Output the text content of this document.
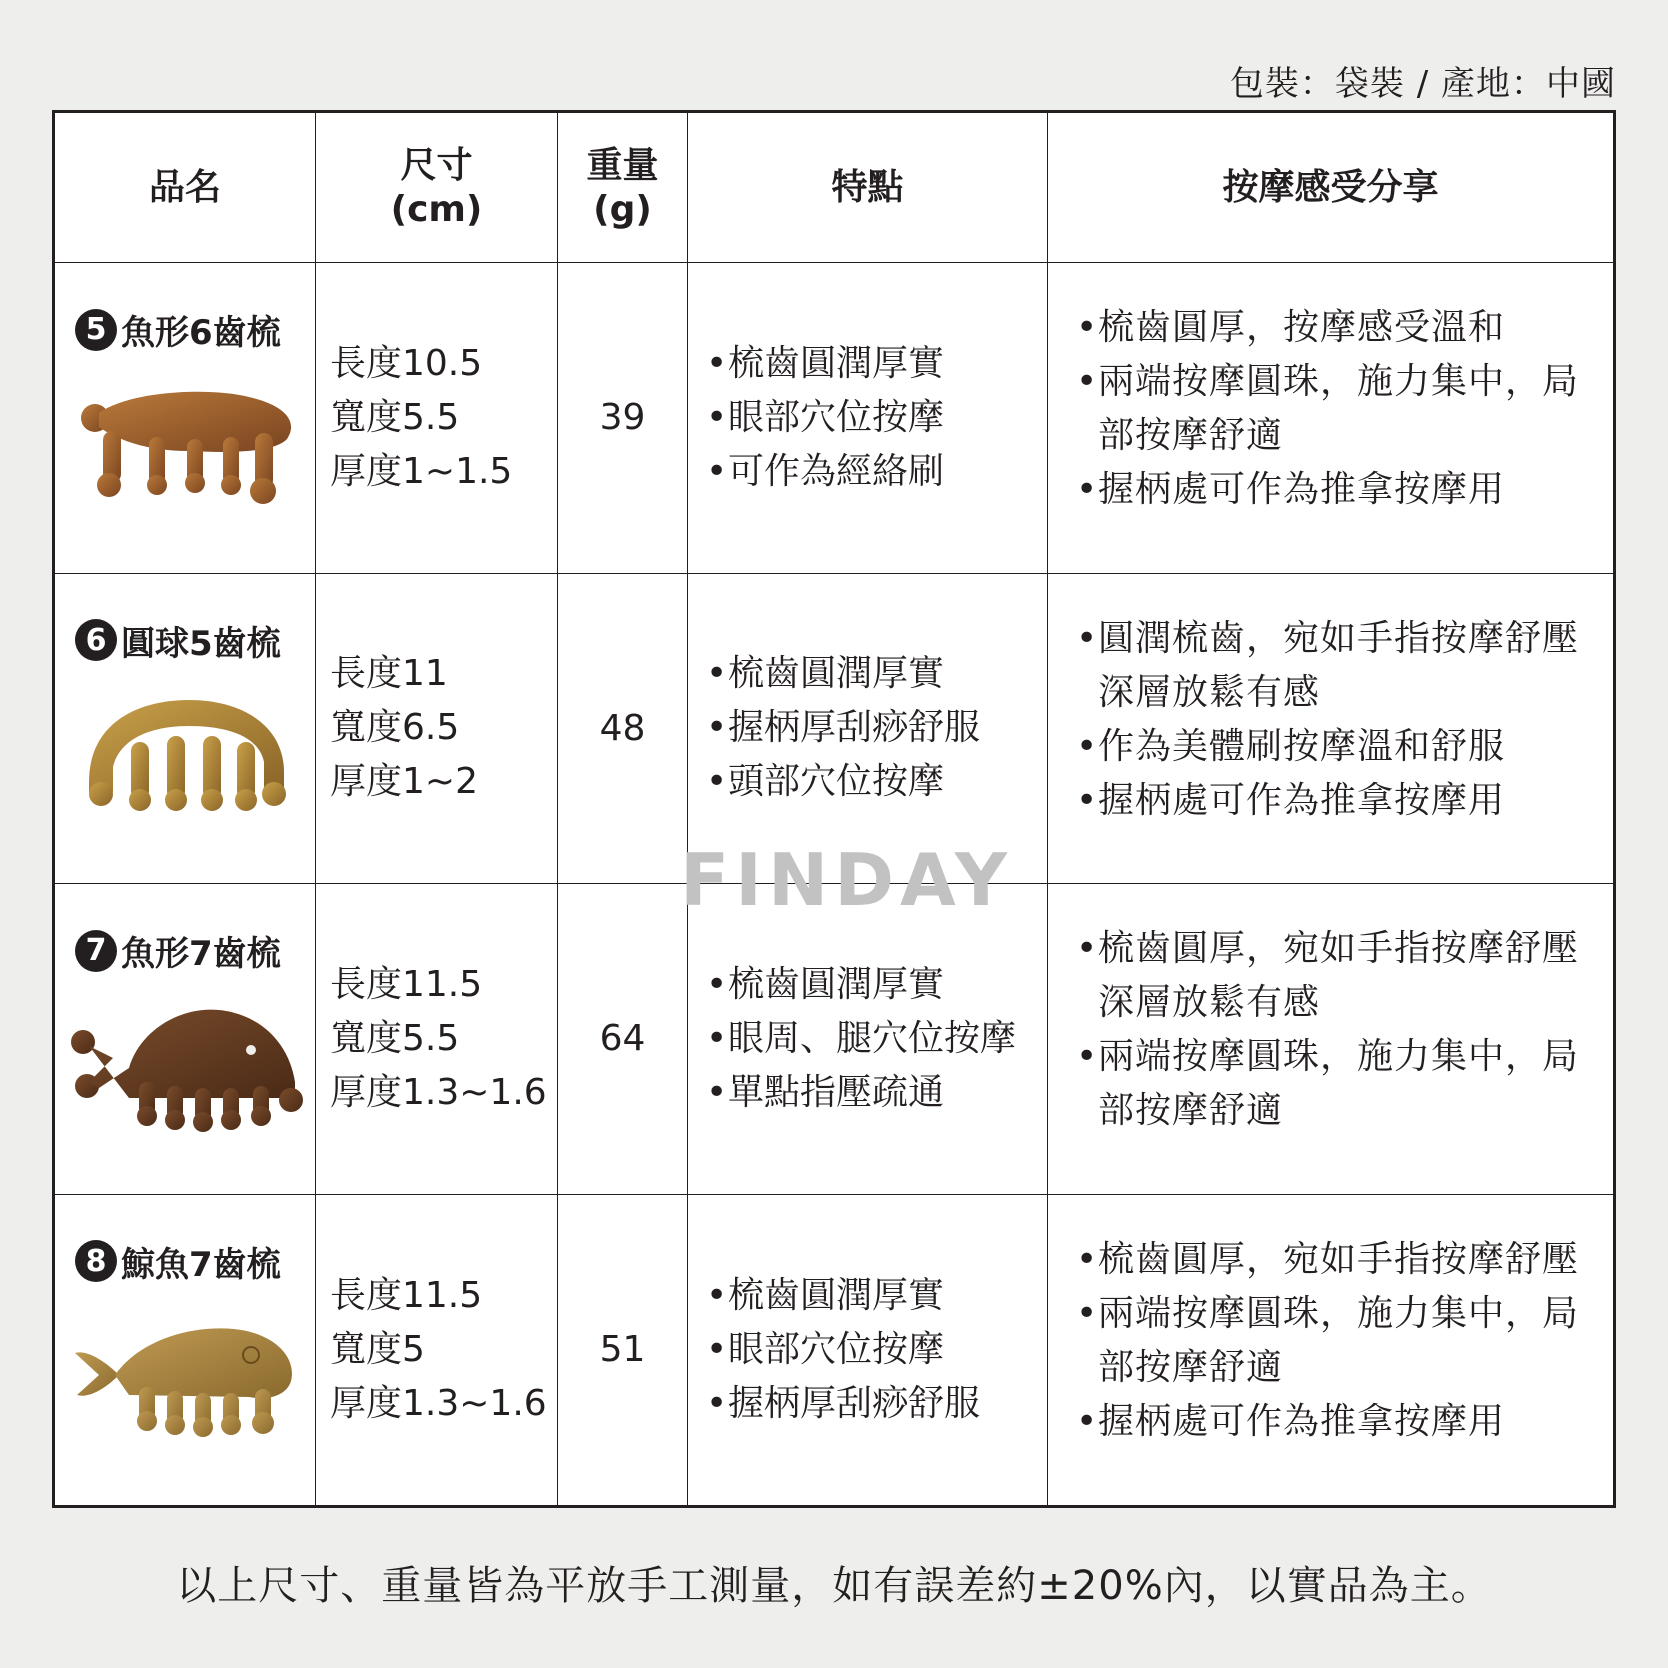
包裝：袋裝 / 產地：中國
品名
尺寸
(cm)
重量
(g)
特點	按摩感受分享
5 魚形6齒梳
長度10.5
寬度5.5
厚度1~1.5
39
• 梳齒圓潤厚實
• 眼部穴位按摩
• 可作為經絡刷
• 梳齒圓厚，按摩感受溫和
• 兩端按摩圓珠，施力集中，局部按摩舒適
• 握柄處可作為推拿按摩用
6 圓球5齒梳
長度11
寬度6.5
厚度1~2
48
• 梳齒圓潤厚實
• 握柄厚刮痧舒服
• 頭部穴位按摩
• 圓潤梳齒，宛如手指按摩舒壓深層放鬆有感
• 作為美體刷按摩溫和舒服
• 握柄處可作為推拿按摩用
7 魚形7齒梳
長度11.5
寬度5.5
厚度1.3~1.6
64
• 梳齒圓潤厚實
• 眼周、腿穴位按摩
• 單點指壓疏通
• 梳齒圓厚，宛如手指按摩舒壓深層放鬆有感
• 兩端按摩圓珠，施力集中，局部按摩舒適
8 鯨魚7齒梳
長度11.5
寬度5
厚度1.3~1.6
51
• 梳齒圓潤厚實
• 眼部穴位按摩
• 握柄厚刮痧舒服
• 梳齒圓厚，宛如手指按摩舒壓
• 兩端按摩圓珠，施力集中，局部按摩舒適
• 握柄處可作為推拿按摩用
FINDAY
以上尺寸、重量皆為平放手工測量，如有誤差約±20%內，以實品為主。
